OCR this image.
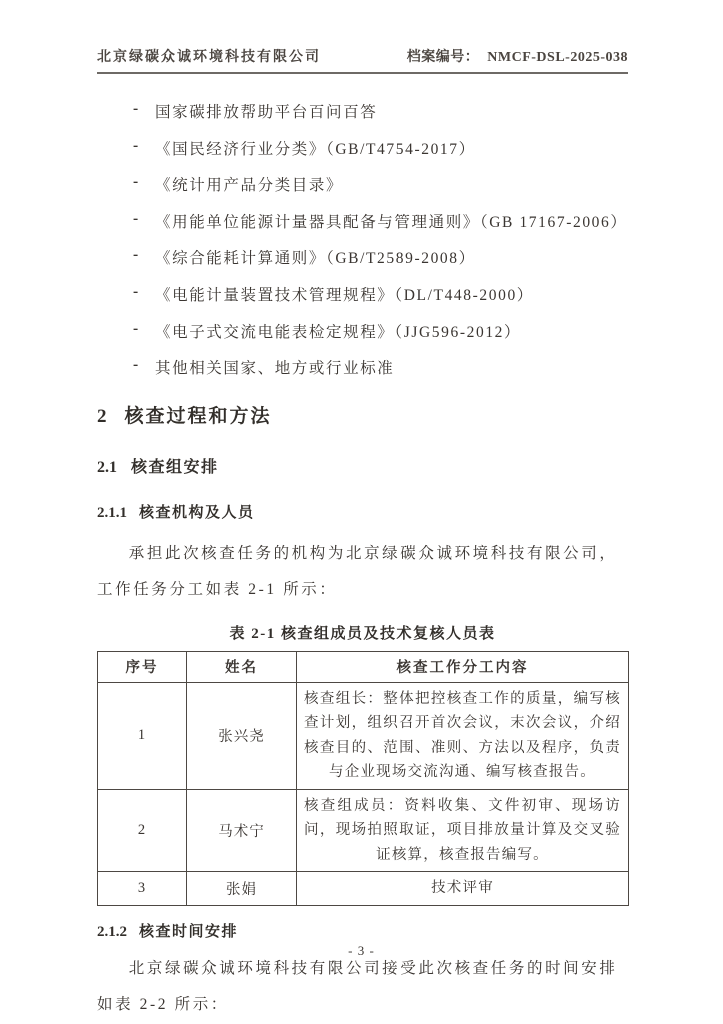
北京绿碳众诚环境科技有限公司	档案编号： NMCF-DSL-2025-038
- 国家碳排放帮助平台百问百答
- 《国民经济行业分类》（GB/T4754-2017）
- 《统计用产品分类目录》
- 《用能单位能源计量器具配备与管理通则》（GB 17167-2006）
- 《综合能耗计算通则》（GB/T2589-2008）
- 《电能计量装置技术管理规程》（DL/T448-2000）
- 《电子式交流电能表检定规程》（JJG596-2012）
- 其他相关国家、地方或行业标准
2 核查过程和方法
2.1 核查组安排
2.1.1 核查机构及人员
承担此次核查任务的机构为北京绿碳众诚环境科技有限公司，
工作任务分工如表 2-1 所示：
表 2-1 核查组成员及技术复核人员表
序号	姓名	核查工作分工内容
1	张兴尧	核查组长：整体把控核查工作的质量，编写核查计划，组织召开首次会议，末次会议，介绍核查目的、范围、准则、方法以及程序，负责与企业现场交流沟通、编写核查报告。
2	马术宁	核查组成员：资料收集、文件初审、现场访问，现场拍照取证，项目排放量计算及交叉验证核算，核查报告编写。
3	张娟	技术评审
2.1.2 核查时间安排
北京绿碳众诚环境科技有限公司接受此次核查任务的时间安排
如表 2-2 所示：
- 3 -
